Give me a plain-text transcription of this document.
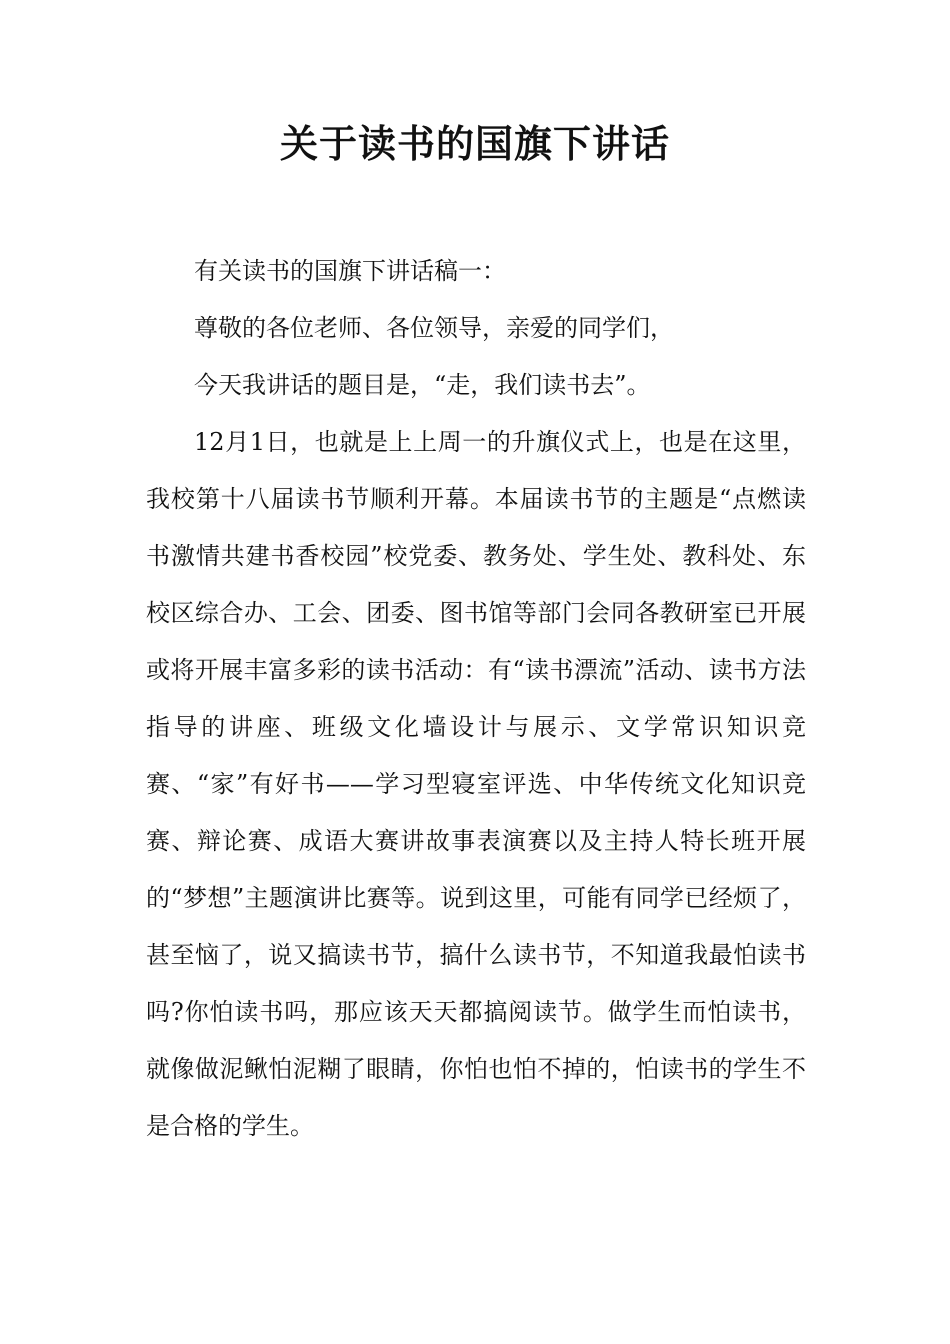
关于读书的国旗下讲话

有关读书的国旗下讲话稿一：

尊敬的各位老师、各位领导，亲爱的同学们，

今天我讲话的题目是，“走，我们读书去”。

12月1日，也就是上上周一的升旗仪式上，也是在这里，我校第十八届读书节顺利开幕。本届读书节的主题是“点燃读书激情共建书香校园”校党委、教务处、学生处、教科处、东校区综合办、工会、团委、图书馆等部门会同各教研室已开展或将开展丰富多彩的读书活动：有“读书漂流”活动、读书方法指导的讲座、班级文化墙设计与展示、文学常识知识竞赛、“家”有好书——学习型寝室评选、中华传统文化知识竞赛、辩论赛、成语大赛讲故事表演赛以及主持人特长班开展的“梦想”主题演讲比赛等。说到这里，可能有同学已经烦了，甚至恼了，说又搞读书节，搞什么读书节，不知道我最怕读书吗?你怕读书吗，那应该天天都搞阅读节。做学生而怕读书，就像做泥鳅怕泥糊了眼睛，你怕也怕不掉的，怕读书的学生不是合格的学生。
